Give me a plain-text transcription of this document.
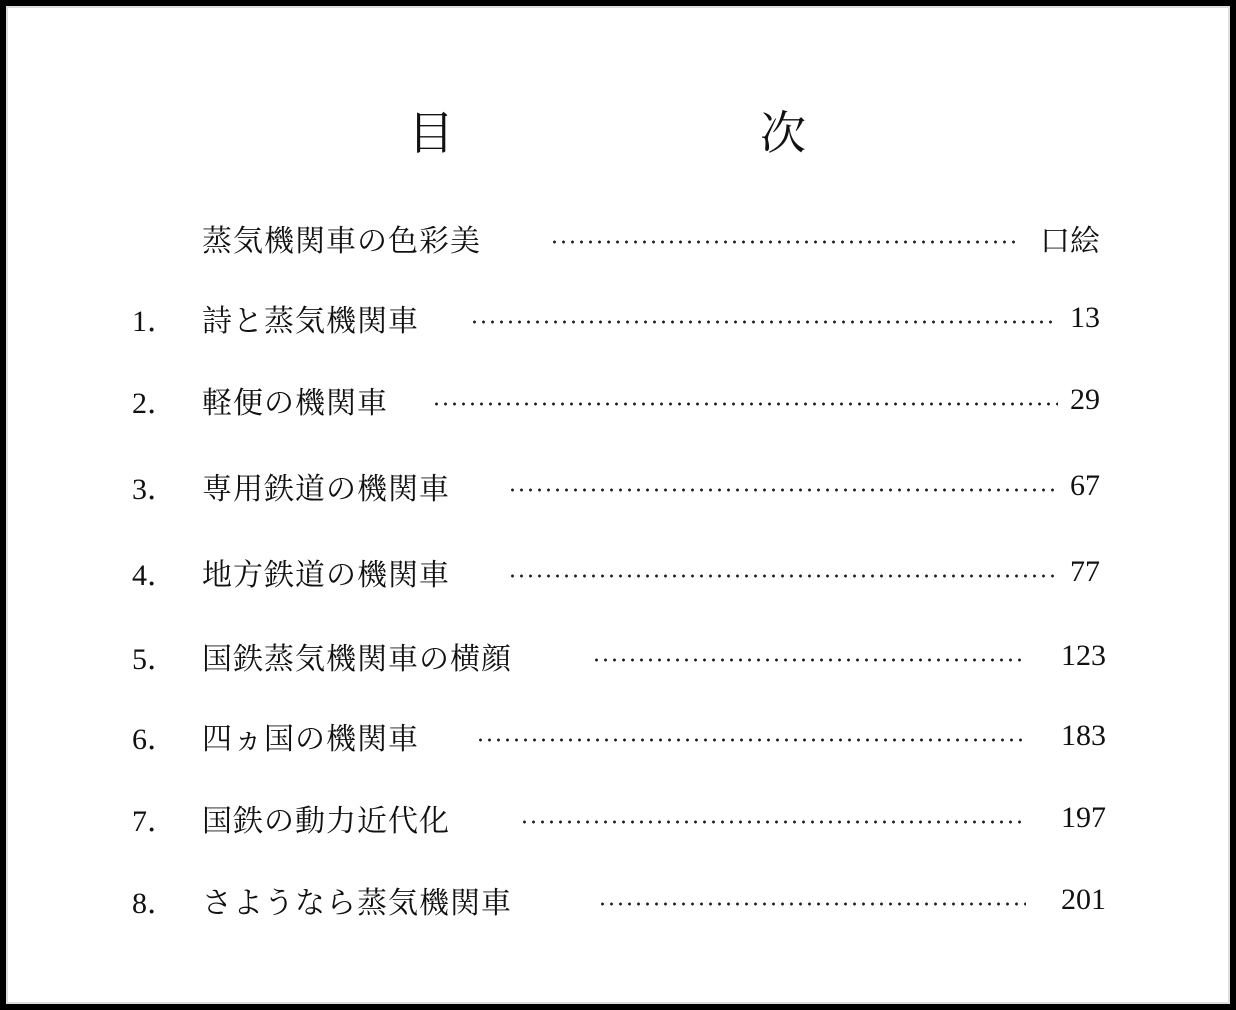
目	次
蒸気機関車の色彩美	口絵
1． 詩と蒸気機関車	13
2． 軽便の機関車	29
3． 専用鉄道の機関車	67
4． 地方鉄道の機関車	77
5． 国鉄蒸気機関車の横顔	123
6． 四ヵ国の機関車	183
7． 国鉄の動力近代化	197
8． さようなら蒸気機関車	201
